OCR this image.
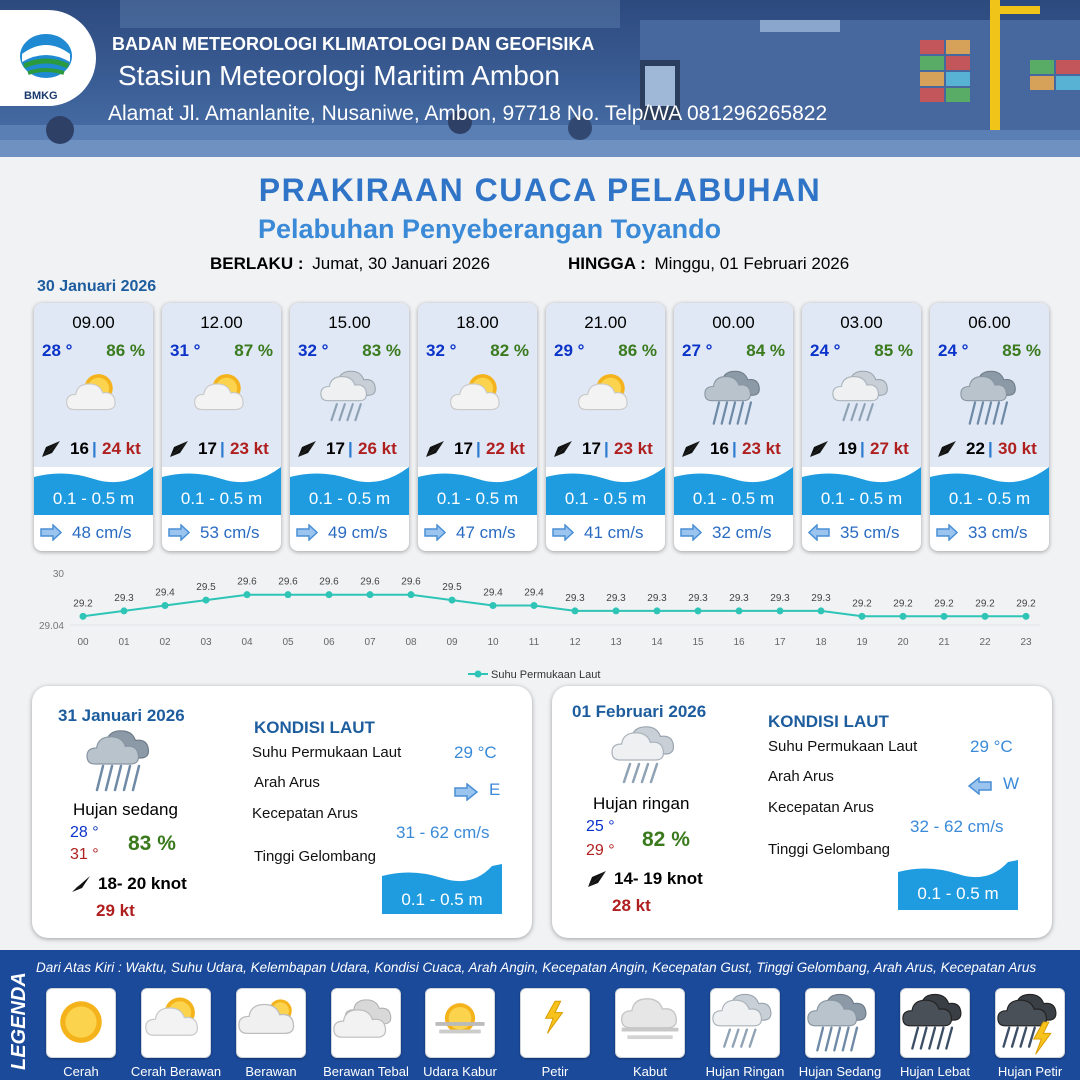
BMKG
BADAN METEOROLOGI KLIMATOLOGI DAN GEOFISIKA
Stasiun Meteorologi Maritim Ambon
Alamat Jl. Amanlanite, Nusaniwe, Ambon, 97718 No. Telp/WA 081296265822
PRAKIRAAN CUACA PELABUHAN
Pelabuhan Penyeberangan Toyando
BERLAKU : Jumat, 30 Januari 2026	HINGGA : Minggu, 01 Februari 2026
30 Januari 2026
09.00
28 ° 86 %
16 | 24 kt
0.1 - 0.5 m
48 cm/s
12.00
31 ° 87 %
17 | 23 kt
0.1 - 0.5 m
53 cm/s
15.00
32 ° 83 %
17 | 26 kt
0.1 - 0.5 m
49 cm/s
18.00
32 ° 82 %
17 | 22 kt
0.1 - 0.5 m
47 cm/s
21.00
29 ° 86 %
17 | 23 kt
0.1 - 0.5 m
41 cm/s
00.00
27 ° 84 %
16 | 23 kt
0.1 - 0.5 m
32 cm/s
03.00
24 ° 85 %
19 | 27 kt
0.1 - 0.5 m
35 cm/s
06.00
24 ° 85 %
22 | 30 kt
0.1 - 0.5 m
33 cm/s
30
29.04
29.2
00
29.3
01
29.4
02
29.5
03
29.6
04
29.6
05
29.6
06
29.6
07
29.6
08
29.5
09
29.4
10
29.4
11
29.3
12
29.3
13
29.3
14
29.3
15
29.3
16
29.3
17
29.3
18
29.2
19
29.2
20
29.2
21
29.2
22
29.2
23
Suhu Permukaan Laut
31 Januari 2026
Hujan sedang
28 °
31 ° 83 %
18- 20 knot
29 kt
KONDISI LAUT
Suhu Permukaan Laut	29 °C
Arah Arus	E
Kecepatan Arus
31 - 62 cm/s
Tinggi Gelombang
0.1 - 0.5 m
01 Februari 2026
Hujan ringan
25 °
29 ° 82 %
14- 19 knot
28 kt
KONDISI LAUT
Suhu Permukaan Laut	29 °C
Arah Arus	W
Kecepatan Arus
32 - 62 cm/s
Tinggi Gelombang
0.1 - 0.5 m
LEGENDA
Dari Atas Kiri : Waktu, Suhu Udara, Kelembapan Udara, Kondisi Cuaca, Arah Angin, Kecepatan Angin, Kecepatan Gust, Tinggi Gelombang, Arah Arus, Kecepatan Arus
Cerah	Cerah Berawan	Berawan	Berawan Tebal	Udara Kabur	Petir	Kabut	Hujan Ringan	Hujan Sedang	Hujan Lebat	Hujan Petir
